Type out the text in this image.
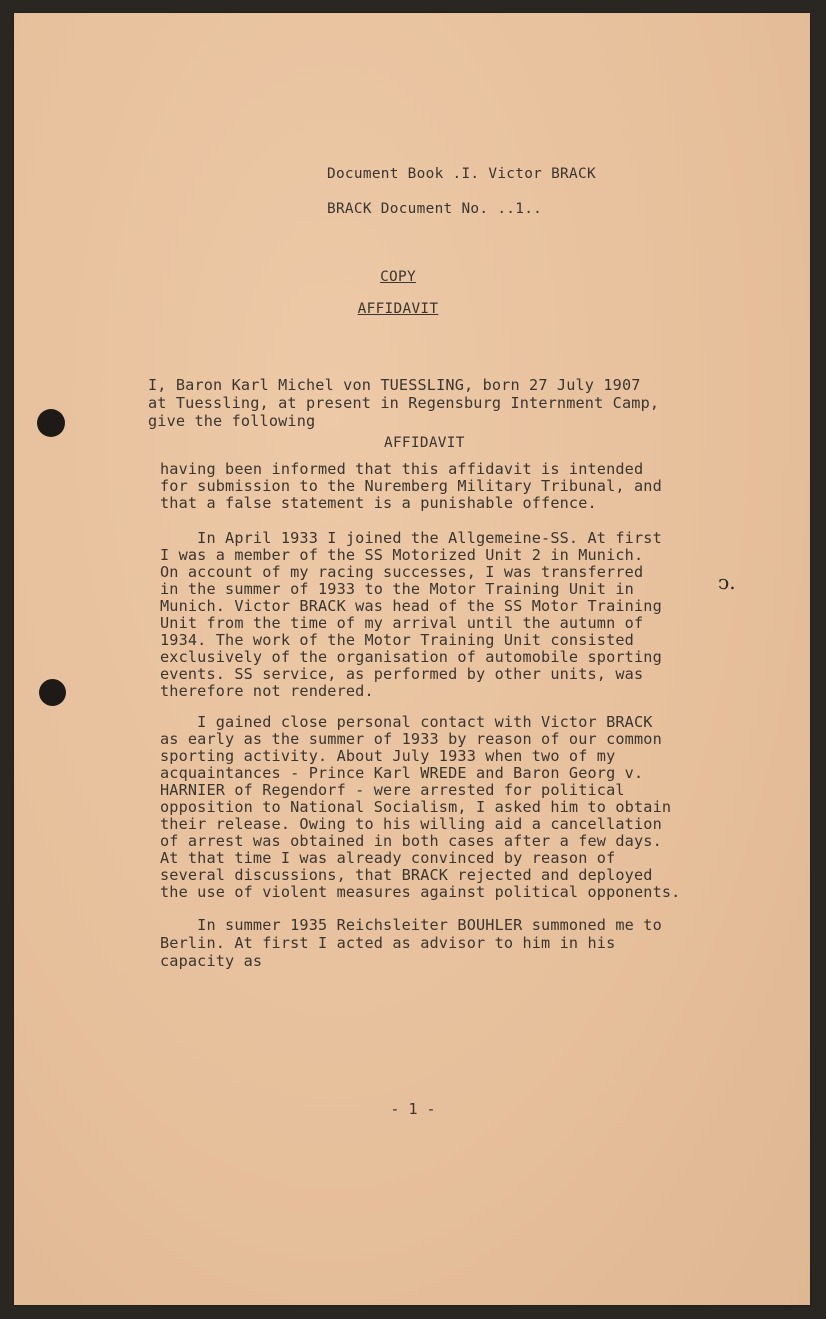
Document Book .I. Victor BRACK
BRACK Document No. ..1..
COPY
AFFIDAVIT
I, Baron Karl Michel von TUESSLING, born 27 July 1907
at Tuessling, at present in Regensburg Internment Camp,
give the following
AFFIDAVIT
having been informed that this affidavit is intended
for submission to the Nuremberg Military Tribunal, and
that a false statement is a punishable offence.
In April 1933 I joined the Allgemeine-SS. At first
I was a member of the SS Motorized Unit 2 in Munich.
On account of my racing successes, I was transferred
in the summer of 1933 to the Motor Training Unit in
Munich. Victor BRACK was head of the SS Motor Training
Unit from the time of my arrival until the autumn of
1934. The work of the Motor Training Unit consisted
exclusively of the organisation of automobile sporting
events. SS service, as performed by other units, was
therefore not rendered.
ↄ.
I gained close personal contact with Victor BRACK
as early as the summer of 1933 by reason of our common
sporting activity. About July 1933 when two of my
acquaintances - Prince Karl WREDE and Baron Georg v.
HARNIER of Regendorf - were arrested for political
opposition to National Socialism, I asked him to obtain
their release. Owing to his willing aid a cancellation
of arrest was obtained in both cases after a few days.
At that time I was already convinced by reason of
several discussions, that BRACK rejected and deployed
the use of violent measures against political opponents.
In summer 1935 Reichsleiter BOUHLER summoned me to
Berlin. At first I acted as advisor to him in his
capacity as
- 1 -
